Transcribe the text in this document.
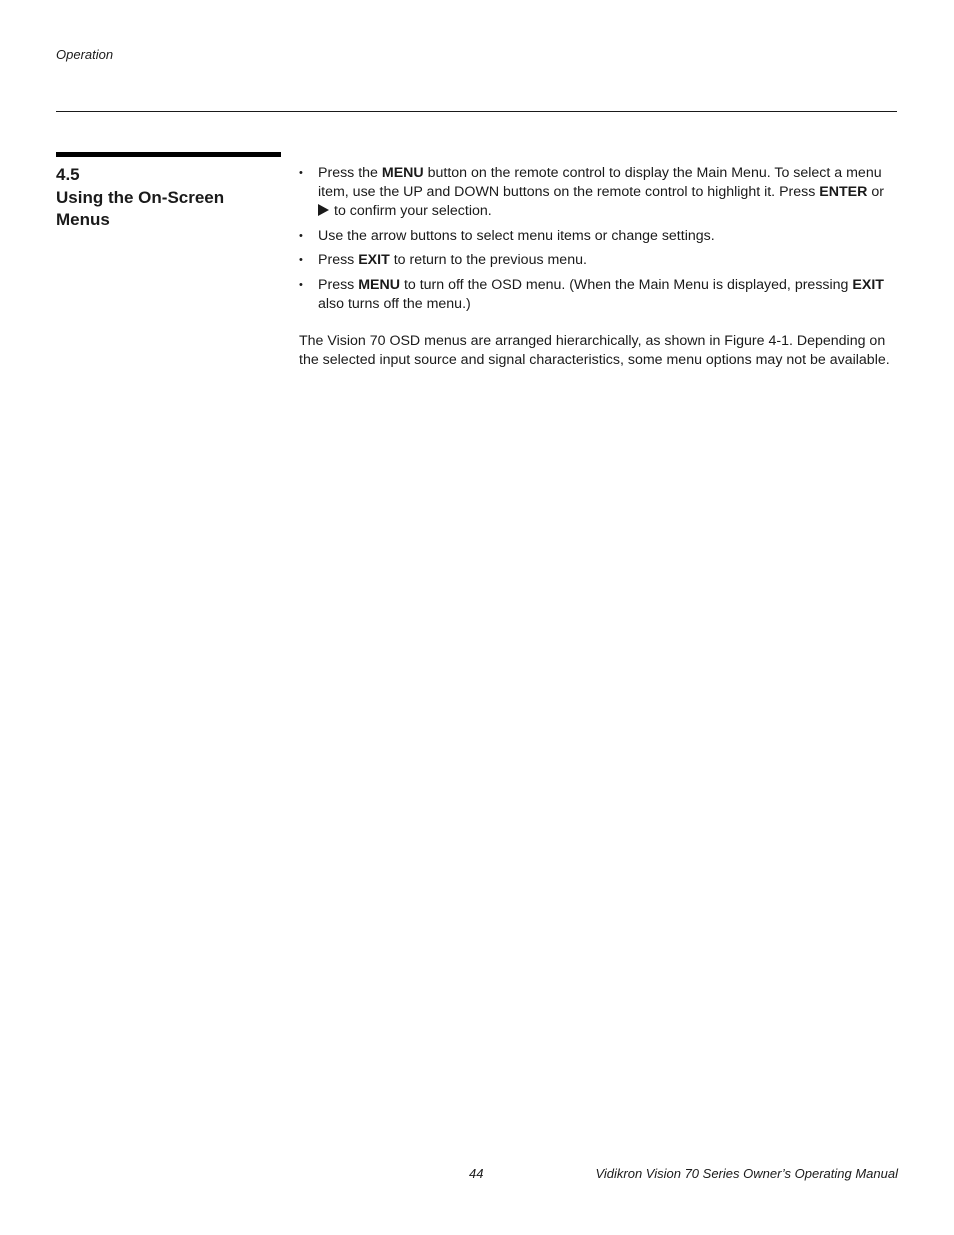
Operation
4.5
Using the On-Screen
Menus
•	Press the MENU button on the remote control to display the Main Menu. To select a menu item, use the UP and DOWN buttons on the remote control to highlight it. Press ENTER or
to confirm your selection.
•	Use the arrow buttons to select menu items or change settings.
•	Press EXIT to return to the previous menu.
•	Press MENU to turn off the OSD menu. (When the Main Menu is displayed, pressing EXIT also turns off the menu.)

The Vision 70 OSD menus are arranged hierarchically, as shown in Figure 4-1. Depending on the selected input source and signal characteristics, some menu options may not be available.

44	Vidikron Vision 70 Series Owner’s Operating Manual
